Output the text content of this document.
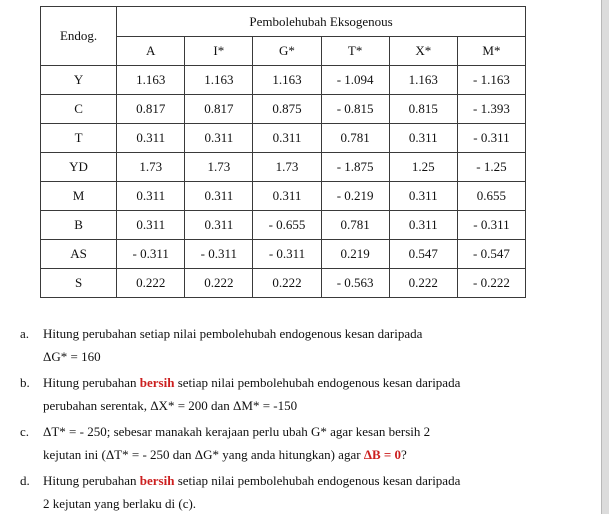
Endog.	Pembolehubah Eksogenous					
	A	I*	G*	T*	X*	M*
Y	1.163	1.163	1.163	- 1.094	1.163	- 1.163
C	0.817	0.817	0.875	- 0.815	0.815	- 1.393
T	0.311	0.311	0.311	0.781	0.311	- 0.311
YD	1.73	1.73	1.73	- 1.875	1.25	- 1.25
M	0.311	0.311	0.311	- 0.219	0.311	0.655
B	0.311	0.311	- 0.655	0.781	0.311	- 0.311
AS	- 0.311	- 0.311	- 0.311	0.219	0.547	- 0.547
S	0.222	0.222	0.222	- 0.563	0.222	- 0.222
a. Hitung perubahan setiap nilai pembolehubah endogenous kesan daripada
ΔG* = 160
b. Hitung perubahan bersih setiap nilai pembolehubah endogenous kesan daripada
perubahan serentak, ΔX* = 200 dan ΔM* = -150
c. ΔT* = - 250; sebesar manakah kerajaan perlu ubah G* agar kesan bersih 2
kejutan ini (ΔT* = - 250 dan ΔG* yang anda hitungkan) agar ΔB = 0?
d. Hitung perubahan bersih setiap nilai pembolehubah endogenous kesan daripada
2 kejutan yang berlaku di (c).
